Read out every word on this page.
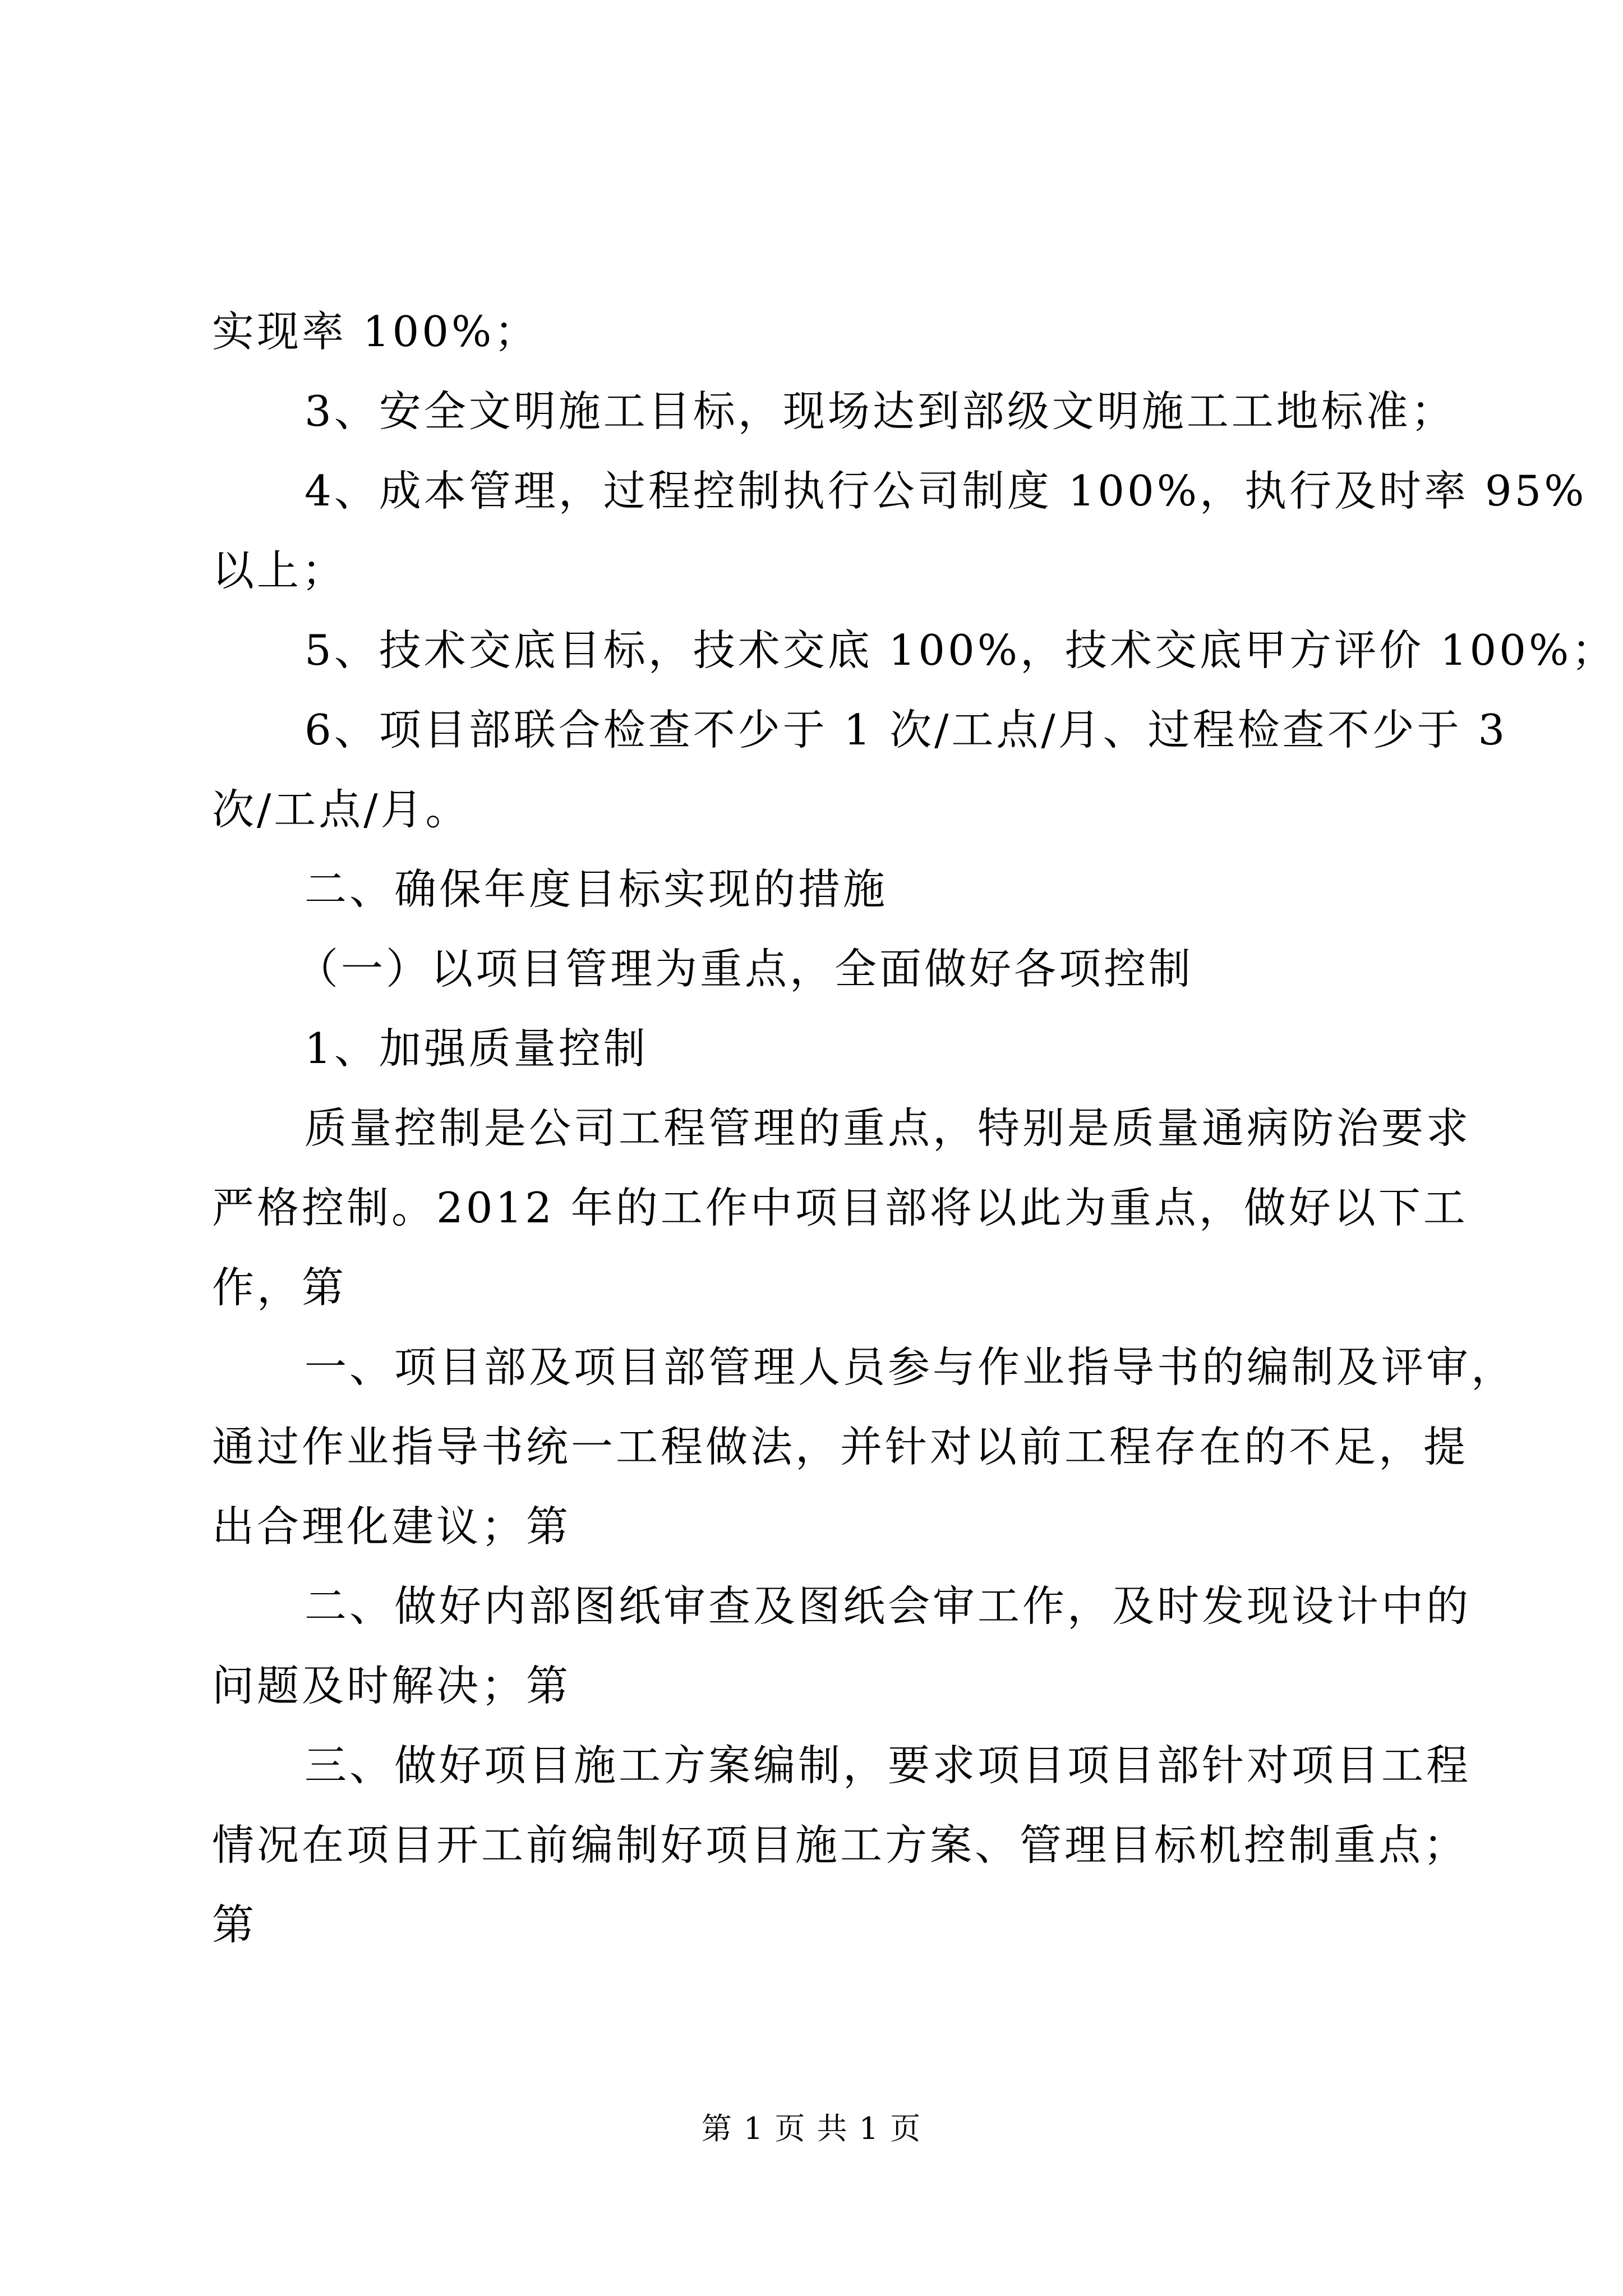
实现率 100%；
3、安全文明施工目标，现场达到部级文明施工工地标准；
4、成本管理，过程控制执行公司制度 100%，执行及时率 95%
以上；
5、技术交底目标，技术交底 100%，技术交底甲方评价 100%；
6、项目部联合检查不少于 1 次/工点/月、过程检查不少于 3
次/工点/月。
二、确保年度目标实现的措施
（一）以项目管理为重点，全面做好各项控制
1、加强质量控制
质量控制是公司工程管理的重点，特别是质量通病防治要求
严格控制。2012 年的工作中项目部将以此为重点，做好以下工
作，第
一、项目部及项目部管理人员参与作业指导书的编制及评审，
通过作业指导书统一工程做法，并针对以前工程存在的不足，提
出合理化建议；第
二、做好内部图纸审查及图纸会审工作，及时发现设计中的
问题及时解决；第
三、做好项目施工方案编制，要求项目项目部针对项目工程
情况在项目开工前编制好项目施工方案、管理目标机控制重点；
第
第 1 页 共 1 页
